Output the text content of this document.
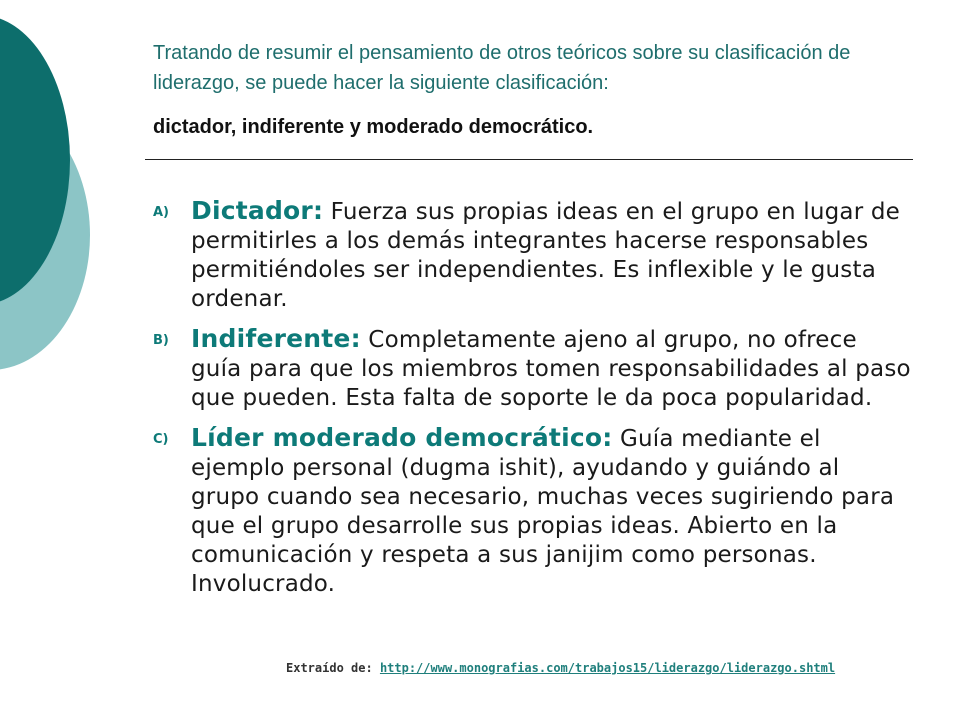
Tratando de resumir el pensamiento de otros teóricos sobre su clasificación de liderazgo, se puede hacer la siguiente clasificación:
dictador, indiferente y moderado democrático.
A) Dictador: Fuerza sus propias ideas en el grupo en lugar de permitirles a los demás integrantes hacerse responsables permitiéndoles ser independientes. Es inflexible y le gusta ordenar.
B) Indiferente: Completamente ajeno al grupo, no ofrece guía para que los miembros tomen responsabilidades al paso que pueden. Esta falta de soporte le da poca popularidad.
C) Líder moderado democrático: Guía mediante el ejemplo personal (dugma ishit), ayudando y guiándo al grupo cuando sea necesario, muchas veces sugiriendo para que el grupo desarrolle sus propias ideas. Abierto en la comunicación y respeta a sus janijim como personas. Involucrado.
Extraído de: http://www.monografias.com/trabajos15/liderazgo/liderazgo.shtml
